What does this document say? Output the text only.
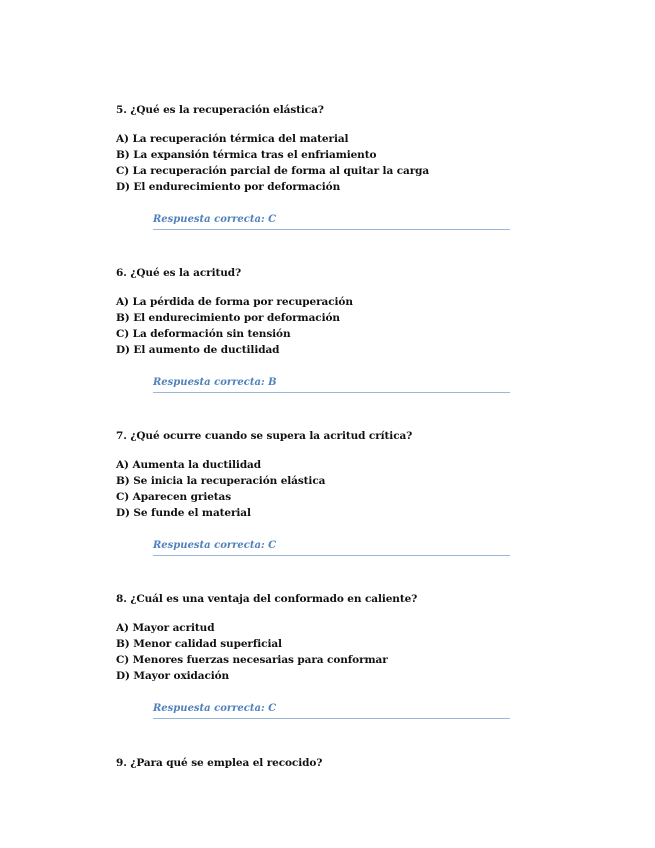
5. ¿Qué es la recuperación elástica?

A) La recuperación térmica del material

B) La expansión térmica tras el enfriamiento

C) La recuperación parcial de forma al quitar la carga

D) El endurecimiento por deformación

Respuesta correcta: C

6. ¿Qué es la acritud?

A) La pérdida de forma por recuperación

B) El endurecimiento por deformación

C) La deformación sin tensión

D) El aumento de ductilidad

Respuesta correcta: B

7. ¿Qué ocurre cuando se supera la acritud crítica?

A) Aumenta la ductilidad

B) Se inicia la recuperación elástica

C) Aparecen grietas

D) Se funde el material

Respuesta correcta: C

8. ¿Cuál es una ventaja del conformado en caliente?

A) Mayor acritud

B) Menor calidad superficial

C) Menores fuerzas necesarias para conformar

D) Mayor oxidación

Respuesta correcta: C

9. ¿Para qué se emplea el recocido?
